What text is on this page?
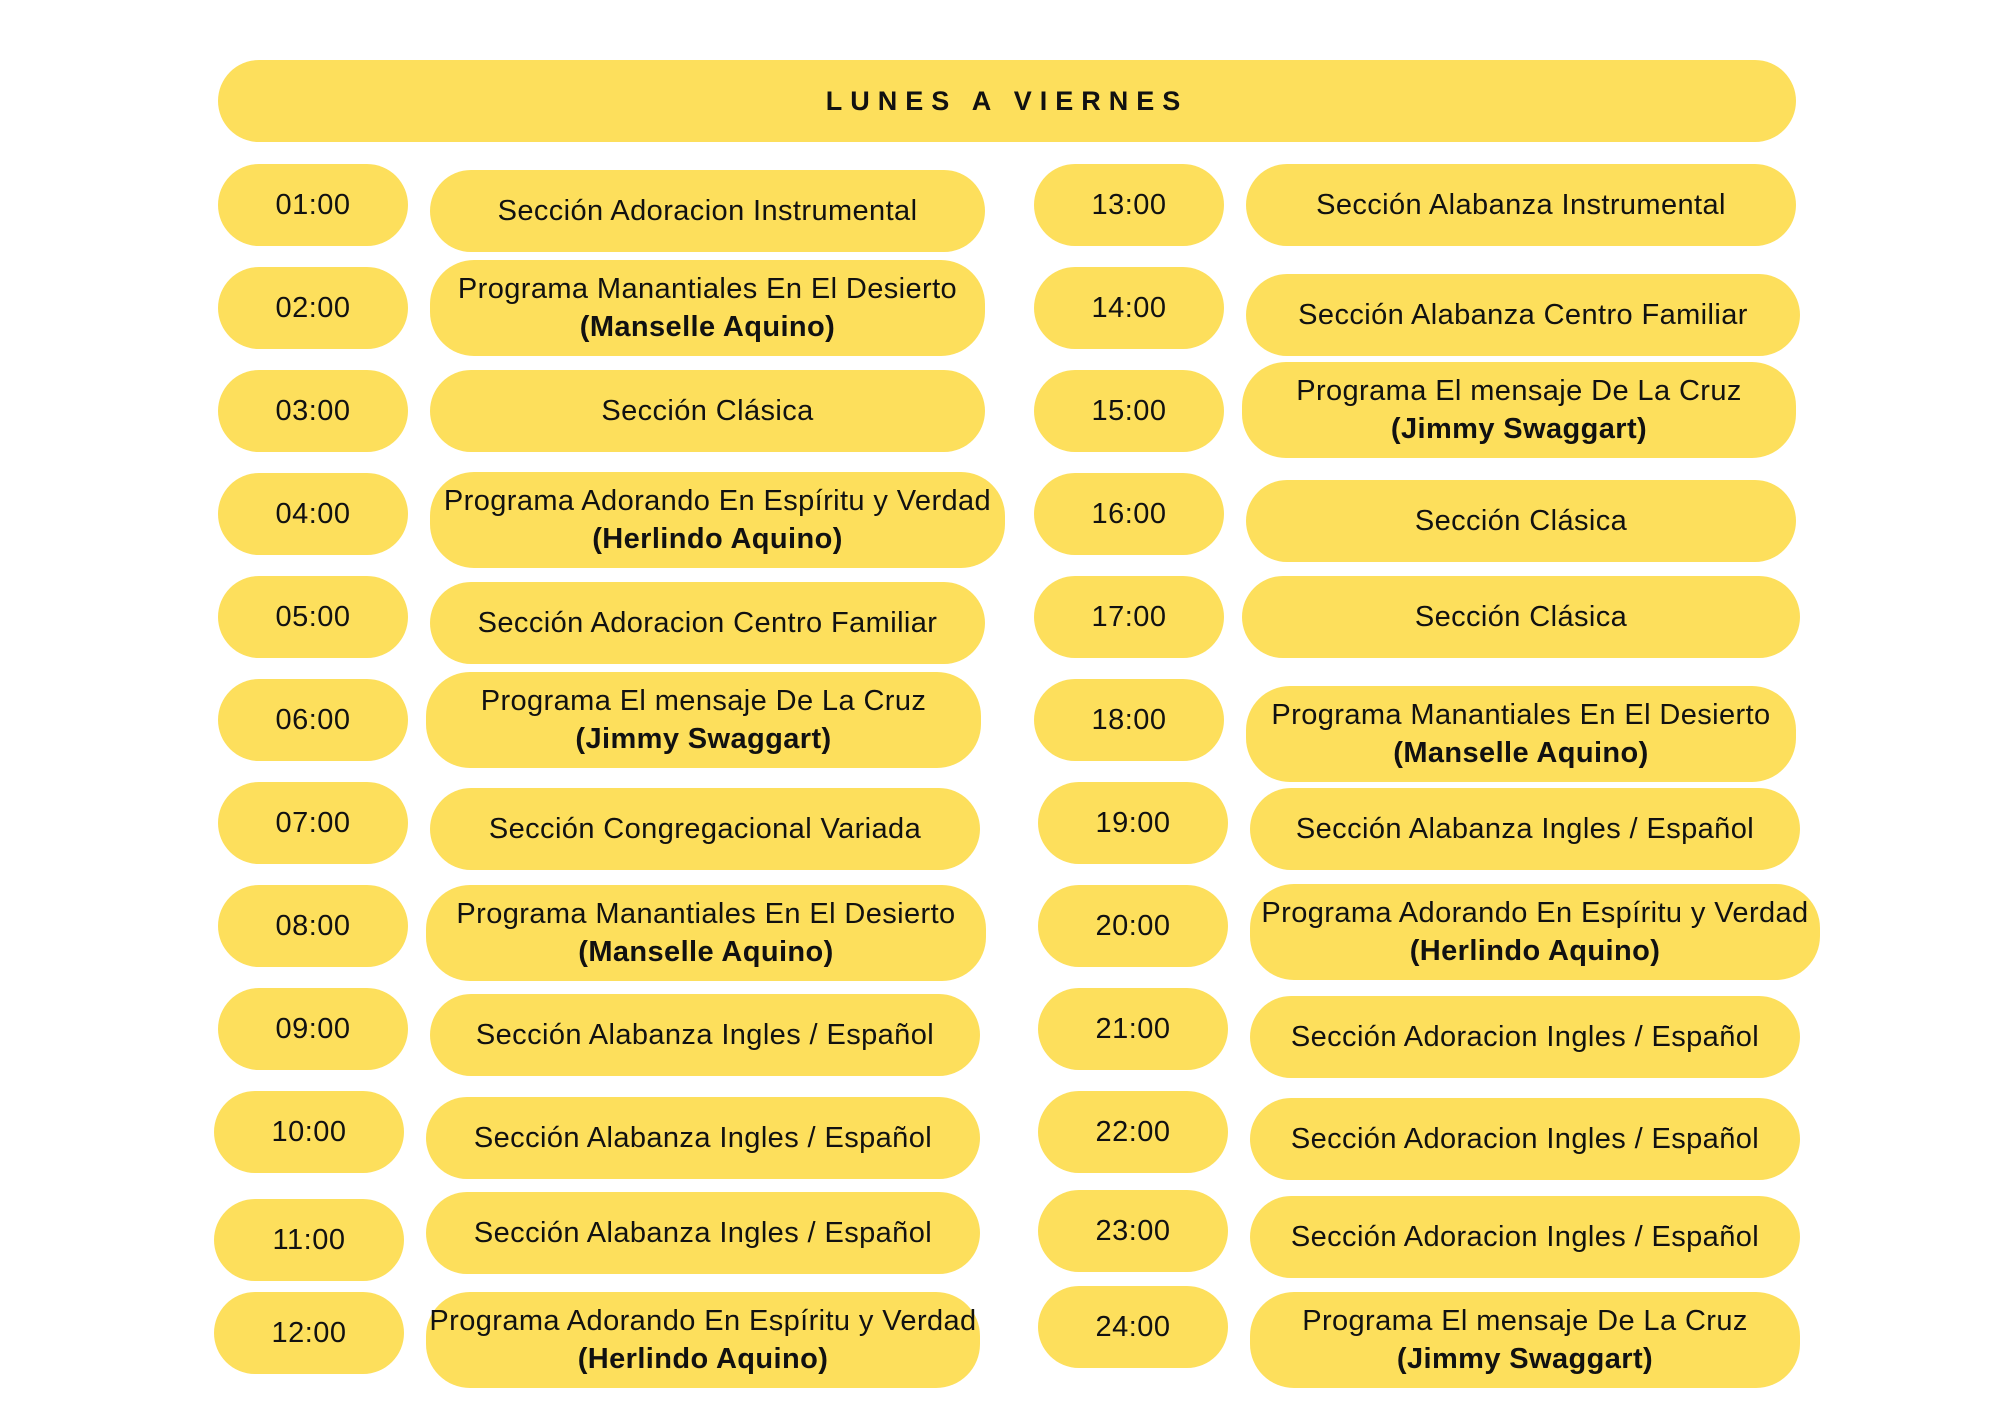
LUNES A VIERNES
01:00	Sección Adoracion Instrumental
02:00
Programa Manantiales En El Desierto
(Manselle Aquino)
03:00	Sección Clásica
04:00	Programa Adorando En Espíritu y Verdad
(Herlindo Aquino)
05:00	Sección Adoracion Centro Familiar
06:00
Programa El mensaje De La Cruz
(Jimmy Swaggart)
07:00	Sección Congregacional Variada
08:00	Programa Manantiales En El Desierto
(Manselle Aquino)
09:00	Sección Alabanza Ingles / Español
10:00	Sección Alabanza Ingles / Español
11:00	Sección Alabanza Ingles / Español
12:00	Programa Adorando En Espíritu y Verdad
(Herlindo Aquino)
13:00	Sección Alabanza Instrumental
14:00	Sección Alabanza Centro Familiar
15:00
Programa El mensaje De La Cruz
(Jimmy Swaggart)
16:00	Sección Clásica
17:00	Sección Clásica
18:00	Programa Manantiales En El Desierto
(Manselle Aquino)
19:00	Sección Alabanza Ingles / Español
20:00	Programa Adorando En Espíritu y Verdad
(Herlindo Aquino)
21:00	Sección Adoracion Ingles / Español
22:00	Sección Adoracion Ingles / Español
23:00	Sección Adoracion Ingles / Español
24:00	Programa El mensaje De La Cruz
(Jimmy Swaggart)
